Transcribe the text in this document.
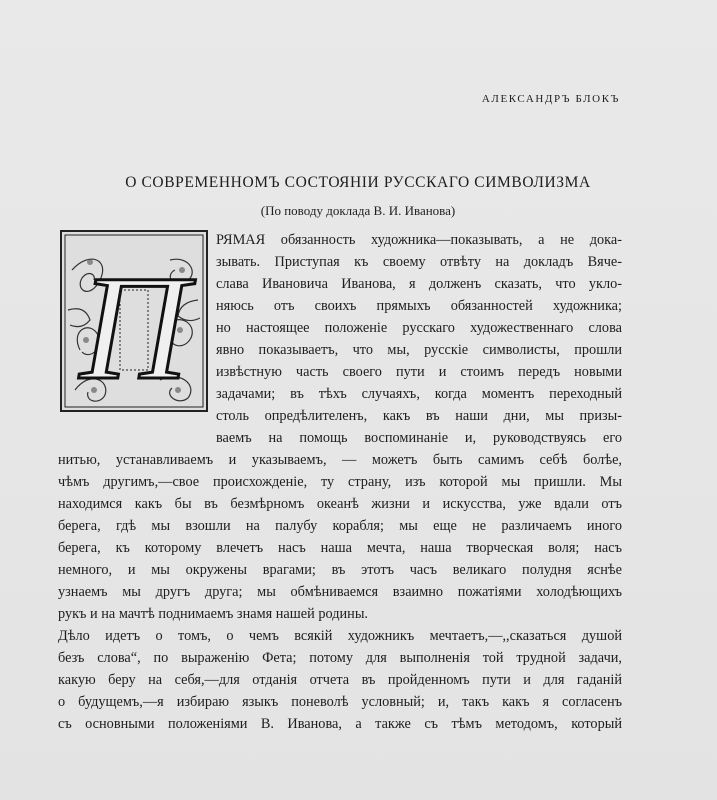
АЛЕКСАНДРЪ БЛОКЪ
О СОВРЕМЕННОМЪ СОСТОЯНІИ РУССКАГО СИМВОЛИЗМА
(По поводу доклада В. И. Иванова)
П
РЯМАЯ обязанность художника—показывать, а не дока-
зывать. Приступая къ своему отвѣту на докладъ Вяче-
слава Ивановича Иванова, я долженъ сказать, что укло-
няюсь отъ своихъ прямыхъ обязанностей художника;
но настоящее положеніе русскаго художественнаго слова
явно показываетъ, что мы, русскіе символисты, прошли
извѣстную часть своего пути и стоимъ передъ новыми
задачами; въ тѣхъ случаяхъ, когда моментъ переходный
столь опредѣлителенъ, какъ въ наши дни, мы призы-
ваемъ на помощь воспоминаніе и, руководствуясь его
нитью, устанавливаемъ и указываемъ, — можетъ быть самимъ себѣ болѣе,
чѣмъ другимъ,—свое происхожденіе, ту страну, изъ которой мы пришли. Мы
находимся какъ бы въ безмѣрномъ океанѣ жизни и искусства, уже вдали отъ
берега, гдѣ мы взошли на палубу корабля; мы еще не различаемъ иного
берега, къ которому влечетъ насъ наша мечта, наша творческая воля; насъ
немного, и мы окружены врагами; въ этотъ часъ великаго полудня яснѣе
узнаемъ мы другъ друга; мы обмѣниваемся взаимно пожатіями холодѣющихъ
рукъ и на мачтѣ поднимаемъ знамя нашей родины.
Дѣло идетъ о томъ, о чемъ всякій художникъ мечтаетъ,—,,сказаться душой
безъ слова“, по выраженію Фета; потому для выполненія той трудной задачи,
какую беру на себя,—для отданія отчета въ пройденномъ пути и для гаданій
о будущемъ,—я избираю языкъ поневолѣ условный; и, такъ какъ я согласенъ
съ основными положеніями В. Иванова, а также съ тѣмъ методомъ, который
